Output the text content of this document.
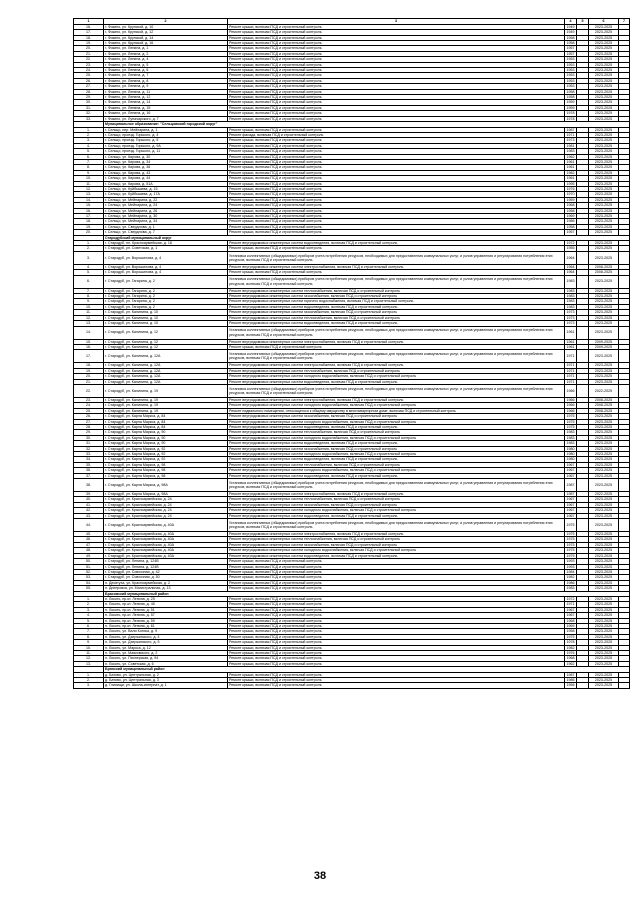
1	2	3	4	5	6	7
16.	г. Фокино, ул. Крупской, д. 10	Ремонт крыши, включая ПСД и строительный контроль	1949		2023-2025	
17.	г. Фокино, ул. Крупской, д. 12	Ремонт крыши, включая ПСД и строительный контроль	1949		2023-2025	
18.	г. Фокино, ул. Крупской, д. 14	Ремонт крыши, включая ПСД и строительный контроль	1958		2023-2025	
19.	г. Фокино, ул. Крупской, д. 16	Ремонт крыши, включая ПСД и строительный контроль	1958		2023-2025	
20.	г. Фокино, ул. Ленина, д. 1	Ремонт крыши, включая ПСД и строительный контроль	1957		2023-2025	
21.	г. Фокино, ул. Ленина, д. 2	Ремонт крыши, включая ПСД и строительный контроль	1957		2023-2025	
22.	г. Фокино, ул. Ленина, д. 4	Ремонт крыши, включая ПСД и строительный контроль	1953		2023-2025	
23.	г. Фокино, ул. Ленина, д. 5	Ремонт крыши, включая ПСД и строительный контроль	1953		2023-2025	
24.	г. Фокино, ул. Ленина, д. 6	Ремонт крыши, включая ПСД и строительный контроль	1953		2023-2025	
25.	г. Фокино, ул. Ленина, д. 7	Ремонт крыши, включая ПСД и строительный контроль	1953		2023-2025	
26.	г. Фокино, ул. Ленина, д. 8	Ремонт крыши, включая ПСД и строительный контроль	1953		2023-2025	
27.	г. Фокино, ул. Ленина, д. 9	Ремонт крыши, включая ПСД и строительный контроль	1953		2023-2025	
28.	г. Фокино, ул. Ленина, д. 11	Ремонт крыши, включая ПСД и строительный контроль	1958		2023-2025	
29.	г. Фокино, ул. Ленина, д. 12	Ремонт крыши, включая ПСД и строительный контроль	1958		2023-2025	
30.	г. Фокино, ул. Ленина, д. 14	Ремонт крыши, включая ПСД и строительный контроль	1959		2023-2025	
31.	г. Фокино, ул. Ленина, д. 15	Ремонт крыши, включая ПСД и строительный контроль	1959		2023-2025	
32.	г. Фокино, ул. Ленина, д. 16	Ремонт крыши, включая ПСД и строительный контроль	1978		2023-2025	
33.	г. Фокино, ул. Луначарского, д. 7	Ремонт крыши, включая ПСД и строительный контроль	1978		2023-2025	
	Муниципальное образование: "Сельцовский городской округ"					
1.	г. Сельцо, пер. Мейпарина, д. 1	Ремонт крыши, включая ПСД и строительный контроль	1987		2023-2025	
2.	г. Сельцо, проезд. Горького, д. 4	Ремонт фасада, включая ПСД и строительный контроль	1971		2023-2025	
3.	г. Сельцо, проезд. Горького, д. 5	Ремонт крыши, включая ПСД и строительный контроль	1973		2023-2025	
4.	г. Сельцо, проезд. Горького, д. 9А	Ремонт крыши, включая ПСД и строительный контроль	1981		2023-2025	
5.	г. Сельцо, проезд. Горького, д. 11	Ремонт крыши, включая ПСД и строительный контроль	1983		2023-2025	
6.	г. Сельцо, ул. Кирова, д. 30	Ремонт крыши, включая ПСД и строительный контроль	1962		2023-2025	
7.	г. Сельцо, ул. Кирова, д. 34	Ремонт крыши, включая ПСД и строительный контроль	1961		2023-2025	
8.	г. Сельцо, ул. Кирова, д. 36	Ремонт крыши, включая ПСД и строительный контроль	1961		2023-2025	
9.	г. Сельцо, ул. Кирова, д. 43	Ремонт крыши, включая ПСД и строительный контроль	1982		2023-2025	
10.	г. Сельцо, ул. Кирова, д. 44	Ремонт крыши, включая ПСД и строительный контроль	1961		2023-2025	
11.	г. Сельцо, ул. Кирова, д. 51А	Ремонт крыши, включая ПСД и строительный контроль	1995		2023-2025	
12.	г. Сельцо, ул. Куйбышева, д. 15	Ремонт крыши, включая ПСД и строительный контроль	1976		2023-2025	
13.	г. Сельцо, ул. Куйбышева, д. 17А	Ремонт крыши, включая ПСД и строительный контроль	1970		2023-2025	
14.	г. Сельцо, ул. Мейпарина, д. 22	Ремонт крыши, включая ПСД и строительный контроль	1959		2023-2025	
15.	г. Сельцо, ул. Мейпарина, д. 24	Ремонт крыши, включая ПСД и строительный контроль	1968		2023-2025	
16.	г. Сельцо, ул. Мейпарина, д. 26	Ремонт крыши, включая ПСД и строительный контроль	1958		2023-2025	
17.	г. Сельцо, ул. Мейпарина, д. 30	Ремонт крыши, включая ПСД и строительный контроль	1969		2023-2025	
18.	г. Сельцо, ул. Мейпарина, д. 34	Ремонт крыши, включая ПСД и строительный контроль	1986		2023-2025	
19.	г. Сельцо, ул. Свердлова, д. 1	Ремонт крыши, включая ПСД и строительный контроль	1958		2023-2025	
20.	г. Сельцо, ул. Свердлова, д. 7	Ремонт крыши, включая ПСД и строительный контроль	1957		2023-2025	
	Стародубский муниципальный округ					
1.	г. Стародуб, пл. Красноармейская, д. 18	Ремонт внутридомовых инженерных систем водоотведения, включая ПСД и строительный контроль	1972		2023-2025	
2.	г. Стародуб, ул. Советская, д. 1	Ремонт крыши, включая ПСД и строительный контроль	1955		2023-2025	
3.	г. Стародуб, ул. Ворошилова, д. 4	Установка коллективных (общедомовых) приборов учета потребления ресурсов, необходимых для предоставления коммунальных услуг, и узлов управления и регулирования потребления этих ресурсов, включая ПСД и строительный контроль	1964		2023-2025	
4.	г. Стародуб, ул. Ворошилова, д. 4	Ремонт внутридомовых инженерных систем электроснабжения, включая ПСД и строительный контроль	1964		2008-2025	
5.	г. Стародуб, ул. Ворошилова, д. 4	Ремонт крыши, включая ПСД и строительный контроль	1964		2008-2025	
6.	г. Стародуб, ул. Гагарина, д. 2	Установка коллективных (общедомовых) приборов учета потребления ресурсов, необходимых для предоставления коммунальных услуг, и узлов управления и регулирования потребления этих ресурсов, включая ПСД и строительный контроль	1983		2023-2025	
7.	г. Стародуб, ул. Гагарина, д. 2	Ремонт внутридомовых инженерных систем теплоснабжения, включая ПСД и строительный контроль	1983		2023-2025	
8.	г. Стародуб, ул. Гагарина, д. 2	Ремонт внутридомовых инженерных систем газоснабжения, включая ПСД и строительный контроль	1983		2023-2025	
9.	г. Стародуб, ул. Гагарина, д. 2	Ремонт внутридомовых инженерных систем горячего водоснабжения, включая ПСД и строительный контроль	1983		2023-2025	
10.	г. Стародуб, ул. Гагарина, д. 2	Ремонт внутридомовых инженерных систем водоотведения, включая ПСД и строительный контроль	1983		2023-2025	
11.	г. Стародуб, ул. Калинина, д. 10	Ремонт внутридомовых инженерных систем газоснабжения, включая ПСД и строительный контроль	1973		2023-2025	
12.	г. Стародуб, ул. Калинина, д. 10	Ремонт внутридомовых инженерных систем теплоснабжения, включая ПСД и строительный контроль	1973		2023-2025	
13.	г. Стародуб, ул. Калинина, д. 10	Ремонт внутридомовых инженерных систем водоотведения, включая ПСД и строительный контроль	1973		2023-2025	
14.	г. Стародуб, ул. Калинина, д. 12	Установка коллективных (общедомовых) приборов учета потребления ресурсов, необходимых для предоставления коммунальных услуг, и узлов управления и регулирования потребления этих ресурсов, включая ПСД и строительный контроль	1961		2023-2025	
15.	г. Стародуб, ул. Калинина, д. 12	Ремонт внутридомовых инженерных систем электроснабжения, включая ПСД и строительный контроль	1961		2009-2025	
16.	г. Стародуб, ул. Калинина, д. 12	Ремонт крыши, включая ПСД и строительный контроль	1961		2009-2025	
17.	г. Стародуб, ул. Калинина, д. 12А	Установка коллективных (общедомовых) приборов учета потребления ресурсов, необходимых для предоставления коммунальных услуг, и узлов управления и регулирования потребления этих ресурсов, включая ПСД и строительный контроль	1971		2023-2025	
18.	г. Стародуб, ул. Калинина, д. 12А	Ремонт внутридомовых инженерных систем электроснабжения, включая ПСД и строительный контроль	1971		2023-2025	
19.	г. Стародуб, ул. Калинина, д. 12А	Ремонт внутридомовых инженерных систем теплоснабжения, включая ПСД и строительный контроль	1971		2023-2025	
20.	г. Стародуб, ул. Калинина, д. 12А	Ремонт внутридомовых инженерных систем холодного водоснабжения, включая ПСД и строительный контроль	1971		2023-2025	
21.	г. Стародуб, ул. Калинина, д. 12А	Ремонт внутридомовых инженерных систем водоотведения, включая ПСД и строительный контроль	1971		2023-2025	
22.	г. Стародуб, ул. Калинина, д. 19	Установка коллективных (общедомовых) приборов учета потребления ресурсов, необходимых для предоставления коммунальных услуг, и узлов управления и регулирования потребления этих ресурсов, включая ПСД и строительный контроль	1966		2022-2025	
23.	г. Стародуб, ул. Калинина, д. 19	Ремонт внутридомовых инженерных систем электроснабжения, включая ПСД и строительный контроль	1966		2008-2025	
24.	г. Стародуб, ул. Калинина, д. 19	Ремонт внутридомовых инженерных систем холодного водоснабжения, включая ПСД и строительный контроль	1966		2008-2025	
25.	г. Стародуб, ул. Калинина, д. 19	Ремонт подвального помещения, относящегося к общему имуществу в многоквартирном доме, включая ПСД и строительный контроль	1966		2008-2025	
26.	г. Стародуб, ул. Карла Маркса, д. 84	Ремонт внутридомовых инженерных систем газоснабжения, включая ПСД и строительный контроль	1975		2023-2025	
27.	г. Стародуб, ул. Карла Маркса, д. 84	Ремонт внутридомовых инженерных систем холодного водоснабжения, включая ПСД и строительный контроль	1975		2023-2025	
28.	г. Стародуб, ул. Карла Маркса, д. 84	Ремонт внутридомовых инженерных систем водоотведения, включая ПСД и строительный контроль	1975		2023-2025	
29.	г. Стародуб, ул. Карла Маркса, д. 90	Ремонт внутридомовых инженерных систем теплоснабжения, включая ПСД и строительный контроль	1983		2023-2025	
30.	г. Стародуб, ул. Карла Маркса, д. 90	Ремонт внутридомовых инженерных систем холодного водоснабжения, включая ПСД и строительный контроль	1983		2023-2025	
31.	г. Стародуб, ул. Карла Маркса, д. 90	Ремонт внутридомовых инженерных систем водоотведения, включая ПСД и строительный контроль	1983		2023-2025	
32.	г. Стародуб, ул. Карла Маркса, д. 92	Ремонт внутридомовых инженерных систем газоснабжения, включая ПСД и строительный контроль	1980		2023-2025	
33.	г. Стародуб, ул. Карла Маркса, д. 92	Ремонт внутридомовых инженерных систем холодного водоснабжения, включая ПСД и строительный контроль	1980		2023-2025	
34.	г. Стародуб, ул. Карла Маркса, д. 92	Ремонт внутридомовых инженерных систем водоотведения, включая ПСД и строительный контроль	1980		2023-2025	
35.	г. Стародуб, ул. Карла Маркса, д. 98	Ремонт внутридомовых инженерных систем теплоснабжения, включая ПСД и строительный контроль	1967		2023-2025	
36.	г. Стародуб, ул. Карла Маркса, д. 98	Ремонт внутридомовых инженерных систем холодного водоснабжения, включая ПСД и строительный контроль	1967		2023-2025	
37.	г. Стародуб, ул. Карла Маркса, д. 98	Ремонт внутридомовых инженерных систем водоотведения, включая ПСД и строительный контроль	1967		2023-2025	
38.	г. Стародуб, ул. Карла Маркса, д. 98А	Установка коллективных (общедомовых) приборов учета потребления ресурсов, необходимых для предоставления коммунальных услуг, и узлов управления и регулирования потребления этих ресурсов, включая ПСД и строительный контроль	1987		2023-2025	
39.	г. Стародуб, ул. Карла Маркса, д. 98А	Ремонт внутридомовых инженерных систем электроснабжения, включая ПСД и строительный контроль	1987		2022-2025	
40.	г. Стародуб, ул. Красноармейская, д. 24	Ремонт внутридомовых инженерных систем теплоснабжения, включая ПСД и строительный контроль	1967		2023-2025	
41.	г. Стародуб, ул. Красноармейская, д. 24	Ремонт внутридомовых инженерных систем газоснабжения, включая ПСД и строительный контроль	1967		2023-2025	
42.	г. Стародуб, ул. Красноармейская, д. 24	Ремонт внутридомовых инженерных систем холодного водоснабжения, включая ПСД и строительный контроль	1967		2023-2025	
43.	г. Стародуб, ул. Красноармейская, д. 24	Ремонт внутридомовых инженерных систем водоотведения, включая ПСД и строительный контроль	1967		2023-2025	
44.	г. Стародуб, ул. Красноармейская, д. 40А	Установка коллективных (общедомовых) приборов учета потребления ресурсов, необходимых для предоставления коммунальных услуг, и узлов управления и регулирования потребления этих ресурсов, включая ПСД и строительный контроль	1975		2023-2025	
45.	г. Стародуб, ул. Красноармейская, д. 40А	Ремонт внутридомовых инженерных систем электроснабжения, включая ПСД и строительный контроль	1975		2023-2025	
46.	г. Стародуб, ул. Красноармейская, д. 40А	Ремонт внутридомовых инженерных систем теплоснабжения, включая ПСД и строительный контроль	1975		2023-2025	
47.	г. Стародуб, ул. Красноармейская, д. 40А	Ремонт внутридомовых инженерных систем газоснабжения, включая ПСД и строительный контроль	1975		2023-2025	
48.	г. Стародуб, ул. Красноармейская, д. 40А	Ремонт внутридомовых инженерных систем холодного водоснабжения, включая ПСД и строительный контроль	1975		2023-2025	
49.	г. Стародуб, ул. Красноармейская, д. 40А	Ремонт внутридомовых инженерных систем водоотведения, включая ПСД и строительный контроль	1975		2023-2025	
50.	г. Стародуб, ул. Ленина, д. 124В	Ремонт крыши, включая ПСД и строительный контроль	1993		2023-2025	
51.	г. Стародуб, ул. Ленина, д. 124В	Ремонт крыши, включая ПСД и строительный контроль	1993		2023-2025	
52.	г. Стародуб, ул. Совхозная, д. 42	Ремонт крыши, включая ПСД и строительный контроль	1984		2023-2025	
53.	г. Стародуб, ул. Совхозная, д. 50	Ремонт крыши, включая ПСД и строительный контроль	1982		2023-2025	
54.	п. Десятуха, ул. Красноармейская, д. 2	Ремонт крыши, включая ПСД и строительный контроль	1986		2023-2025	
55.	п. Днепровка, ул. Магистральная, д. 13	Ремонт крыши, включая ПСД и строительный контроль	1983		2023-2025	
	Брасовский муниципальный район					
1.	п. Локоть, пр-кт. Ленина, д. 25	Ремонт крыши, включая ПСД и строительный контроль	1972		2023-2025	
2.	п. Локоть, пр-кт. Ленина, д. 45	Ремонт крыши, включая ПСД и строительный контроль	1971		2023-2025	
3.	п. Локоть, пр-кт. Ленина, д. 51	Ремонт крыши, включая ПСД и строительный контроль	1967		2023-2025	
4.	п. Локоть, пр-кт. Ленина, д. 57	Ремонт крыши, включая ПСД и строительный контроль	1967		2023-2025	
5.	п. Локоть, пр-кт. Ленина, д. 59	Ремонт крыши, включая ПСД и строительный контроль	1968		2023-2025	
6.	п. Локоть, пр-кт. Ленина, д. 61	Ремонт крыши, включая ПСД и строительный контроль	1969		2023-2025	
7.	п. Локоть, ул. Вали Котика, д. 9	Ремонт крыши, включая ПСД и строительный контроль	1958		2023-2025	
8.	п. Локоть, ул. Дзержинского, д. 4	Ремонт крыши, включая ПСД и строительный контроль	1975		2023-2025	
9.	п. Локоть, ул. Дзержинского, д. 5	Ремонт крыши, включая ПСД и строительный контроль	1978		2023-2025	
10.	п. Локоть, ул. Маркса, д. 12	Ремонт крыши, включая ПСД и строительный контроль	1982		2023-2025	
11.	п. Локоть, ул. Маяковского, д. 2	Ремонт крыши, включая ПСД и строительный контроль	1976		2023-2025	
12.	п. Локоть, ул. Пионерская, д. 94	Ремонт крыши, включая ПСД и строительный контроль	1968		2023-2025	
13.	п. Локоть, ул. Советская, д. 6	Ремонт крыши, включая ПСД и строительный контроль	1962		2023-2025	
	Брянский муниципальный район					
1.	д. Батово, ул. Центральная, д. 2	Ремонт крыши, включая ПСД и строительный контроль	1987		2023-2025	
2.	д. Батово, ул. Центральная, д. 3	Ремонт крыши, включая ПСД и строительный контроль	1986		2023-2025	
3.	д. Глинищи, ул. Школа-интернат, д. 1	Ремонт крыши, включая ПСД и строительный контроль	1956		2023-2025	
38
